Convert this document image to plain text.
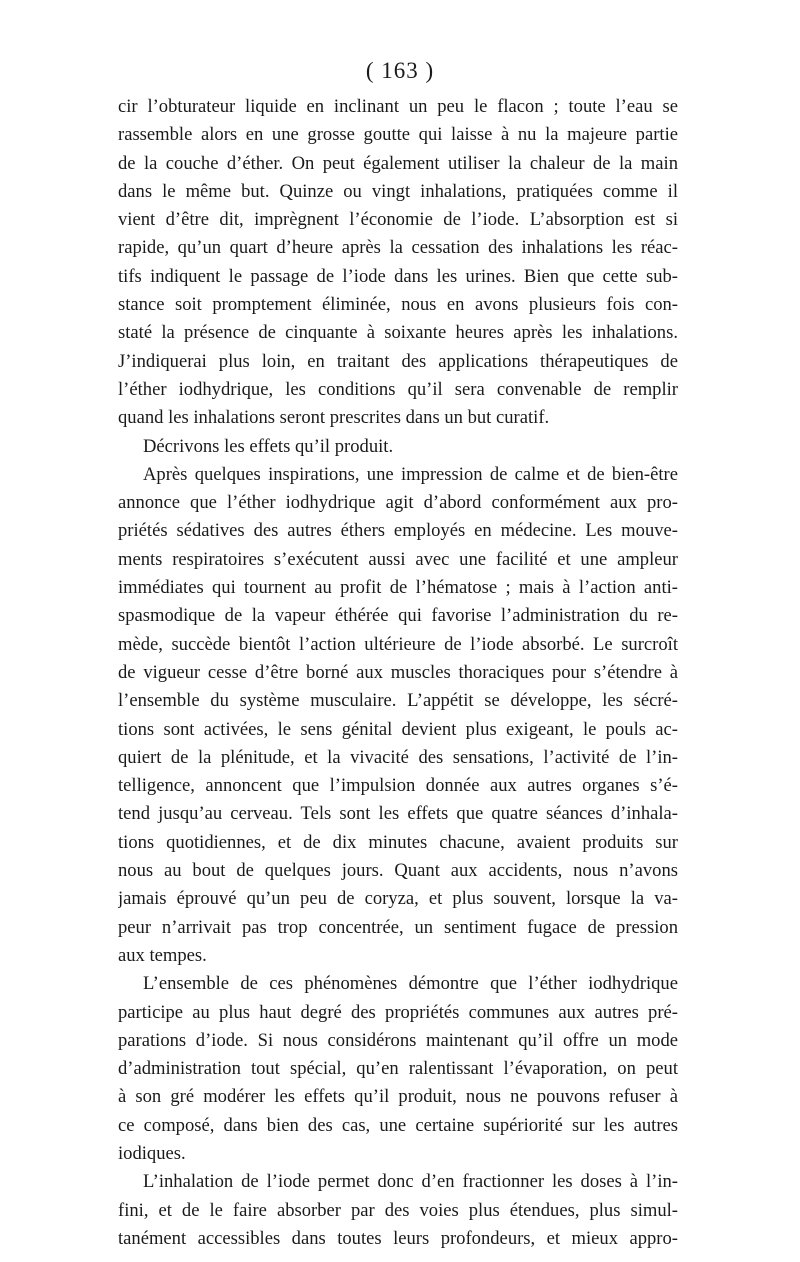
( 163 )
cir l’obturateur liquide en inclinant un peu le flacon ; toute l’eau se
rassemble alors en une grosse goutte qui laisse à nu la majeure partie
de la couche d’éther. On peut également utiliser la chaleur de la main
dans le même but. Quinze ou vingt inhalations, pratiquées comme il
vient d’être dit, imprègnent l’économie de l’iode. L’absorption est si
rapide, qu’un quart d’heure après la cessation des inhalations les réac-
tifs indiquent le passage de l’iode dans les urines. Bien que cette sub-
stance soit promptement éliminée, nous en avons plusieurs fois con-
staté la présence de cinquante à soixante heures après les inhalations.
J’indiquerai plus loin, en traitant des applications thérapeutiques de
l’éther iodhydrique, les conditions qu’il sera convenable de remplir
quand les inhalations seront prescrites dans un but curatif.
Décrivons les effets qu’il produit.
Après quelques inspirations, une impression de calme et de bien-être
annonce que l’éther iodhydrique agit d’abord conformément aux pro-
priétés sédatives des autres éthers employés en médecine. Les mouve-
ments respiratoires s’exécutent aussi avec une facilité et une ampleur
immédiates qui tournent au profit de l’hématose ; mais à l’action anti-
spasmodique de la vapeur éthérée qui favorise l’administration du re-
mède, succède bientôt l’action ultérieure de l’iode absorbé. Le surcroît
de vigueur cesse d’être borné aux muscles thoraciques pour s’étendre à
l’ensemble du système musculaire. L’appétit se développe, les sécré-
tions sont activées, le sens génital devient plus exigeant, le pouls ac-
quiert de la plénitude, et la vivacité des sensations, l’activité de l’in-
telligence, annoncent que l’impulsion donnée aux autres organes s’é-
tend jusqu’au cerveau. Tels sont les effets que quatre séances d’inhala-
tions quotidiennes, et de dix minutes chacune, avaient produits sur
nous au bout de quelques jours. Quant aux accidents, nous n’avons
jamais éprouvé qu’un peu de coryza, et plus souvent, lorsque la va-
peur n’arrivait pas trop concentrée, un sentiment fugace de pression
aux tempes.
L’ensemble de ces phénomènes démontre que l’éther iodhydrique
participe au plus haut degré des propriétés communes aux autres pré-
parations d’iode. Si nous considérons maintenant qu’il offre un mode
d’administration tout spécial, qu’en ralentissant l’évaporation, on peut
à son gré modérer les effets qu’il produit, nous ne pouvons refuser à
ce composé, dans bien des cas, une certaine supériorité sur les autres
iodiques.
L’inhalation de l’iode permet donc d’en fractionner les doses à l’in-
fini, et de le faire absorber par des voies plus étendues, plus simul-
tanément accessibles dans toutes leurs profondeurs, et mieux appro-
